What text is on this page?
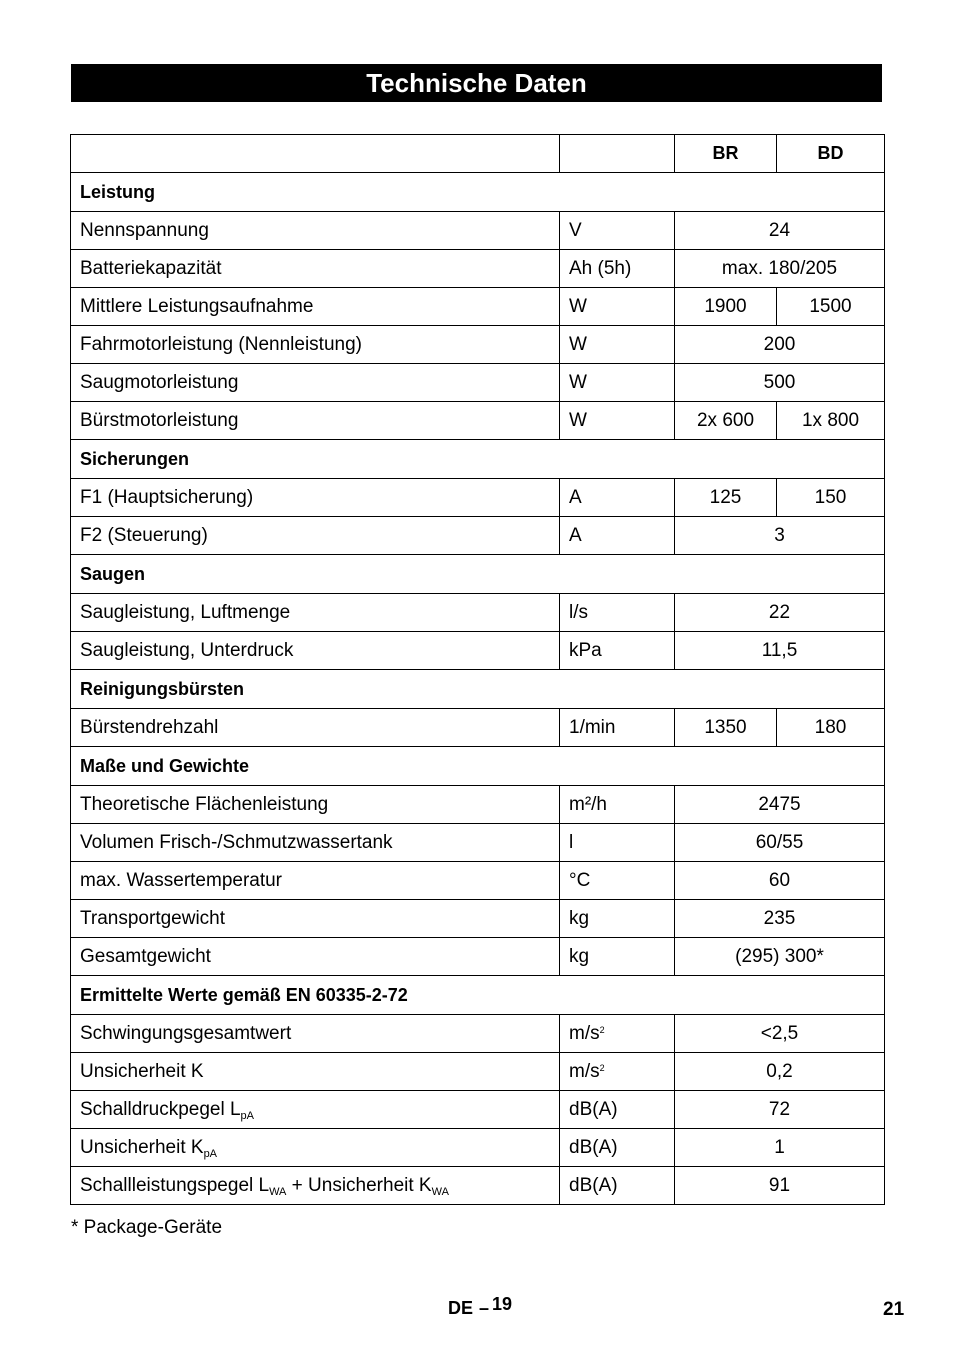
Technische Daten
		BR	BD
Leistung			
Nennspannung	V	24	
Batteriekapazität	Ah (5h)	max. 180/205	
Mittlere Leistungsaufnahme	W	1900	1500
Fahrmotorleistung (Nennleistung)	W	200	
Saugmotorleistung	W	500	
Bürstmotorleistung	W	2x 600	1x 800
Sicherungen			
F1 (Hauptsicherung)	A	125	150
F2 (Steuerung)	A	3	
Saugen			
Saugleistung, Luftmenge	l/s	22	
Saugleistung, Unterdruck	kPa	11,5	
Reinigungsbürsten			
Bürstendrehzahl	1/min	1350	180
Maße und Gewichte			
Theoretische Flächenleistung	m²/h	2475	
Volumen Frisch-/Schmutzwassertank	l	60/55	
max. Wassertemperatur	°C	60	
Transportgewicht	kg	235	
Gesamtgewicht	kg	(295) 300*	
Ermittelte Werte gemäß EN 60335-2-72			
Schwingungsgesamtwert	$m/s^2$	<2,5	
Unsicherheit K	$m/s^2$	0,2	
Schalldruckpegel $L_{pA}$	dB(A)	72	
Unsicherheit $K_{pA}$	dB(A)	1	
Schallleistungspegel $L_{WA}$ + Unsicherheit $K_{WA}$	dB(A)	91	
* Package-Geräte
DE – 19	21
